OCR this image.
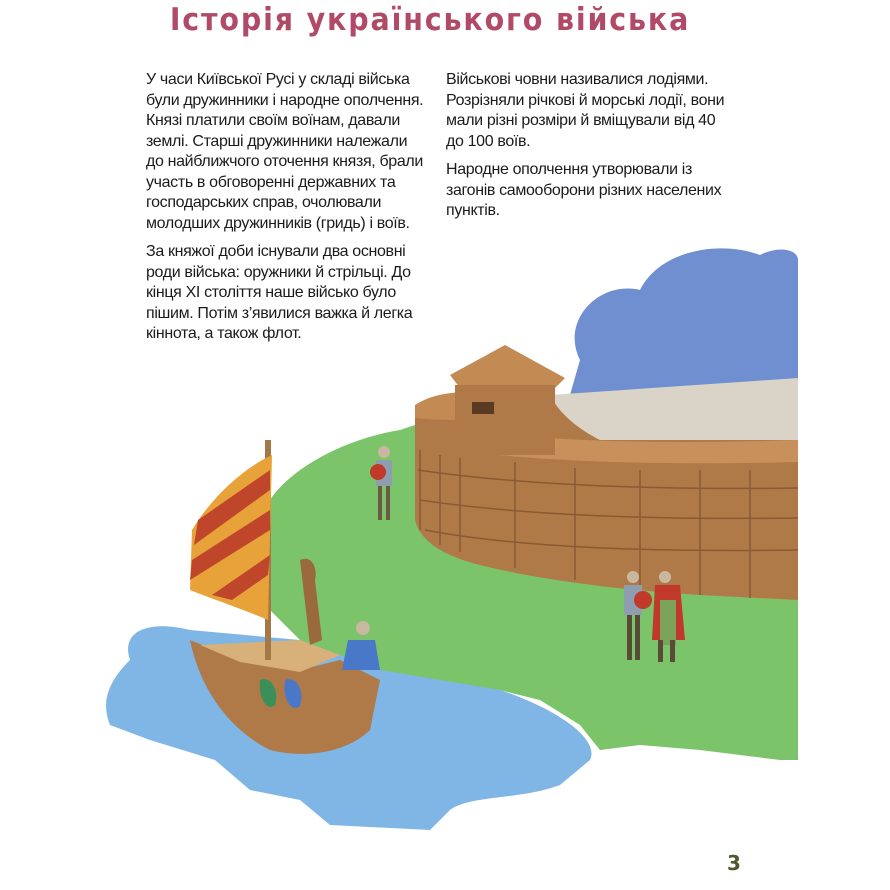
Історія українського війська

У часи Київської Русі у складі війська були дружинники і народне ополчення. Князі платили своїм воїнам, давали землі. Старші дружинники належали до найближчого оточення князя, брали участь в обговоренні державних та господарських справ, очолювали молодших дружинників (гридь) і воїв.

За княжої доби існували два основні роди війська: оружники й стрільці. До кінця ХІ століття наше військо було пішим. Потім з’явилися важка й легка кіннота, а також флот.

Військові човни називалися лодіями. Розрізняли річкові й морські лодії, вони мали різні розміри й вміщували від 40 до 100 воїв.

Народне ополчення утворювали із загонів самооборони різних населених пунктів.

3
